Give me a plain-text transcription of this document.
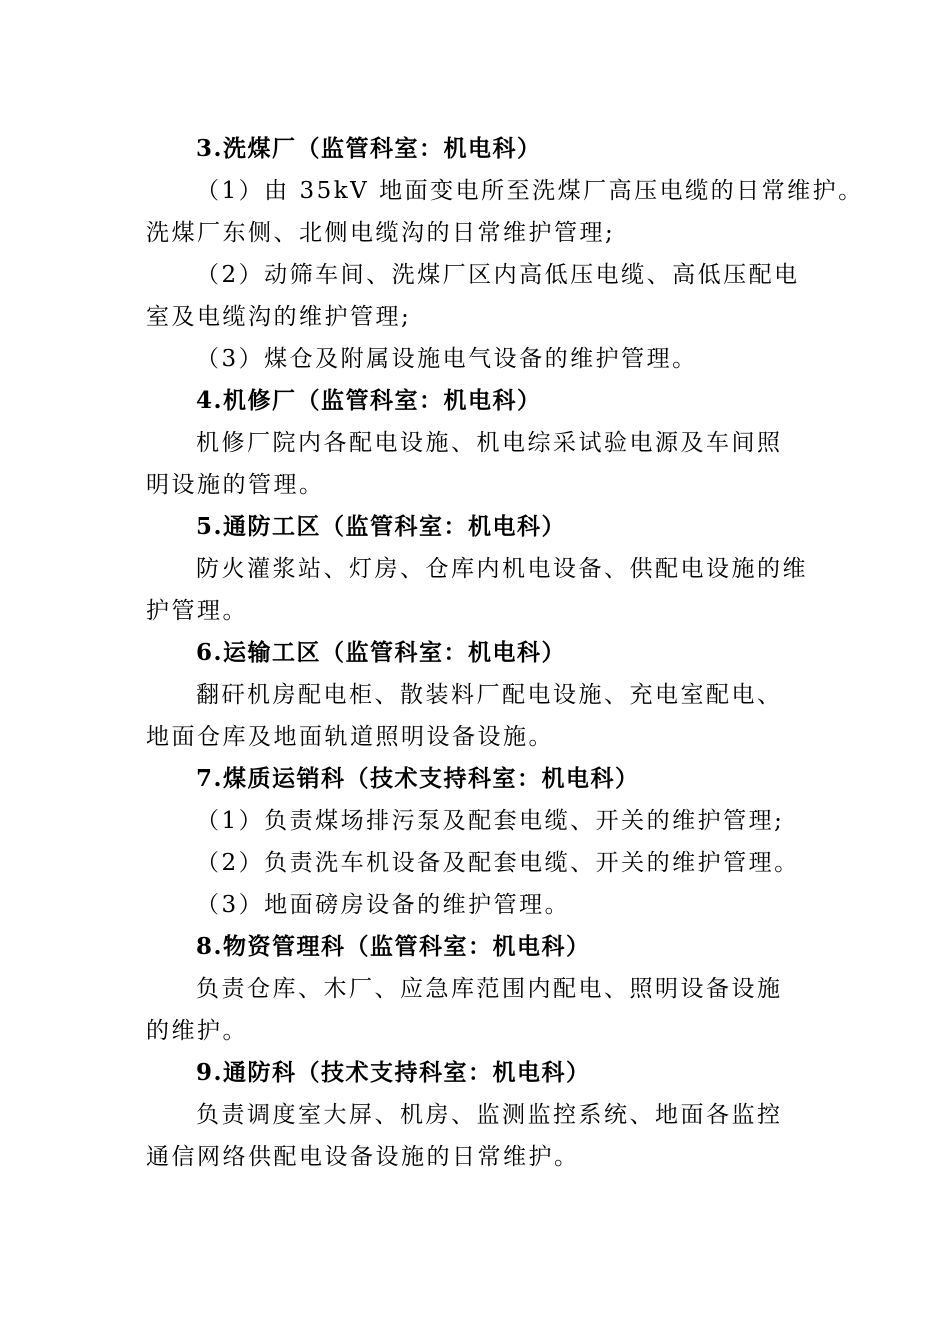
3.洗煤厂（监管科室：机电科）
（1）由 35kV 地面变电所至洗煤厂高压电缆的日常维护。
洗煤厂东侧、北侧电缆沟的日常维护管理;
（2）动筛车间、洗煤厂区内高低压电缆、高低压配电
室及电缆沟的维护管理;
（3）煤仓及附属设施电气设备的维护管理。
4.机修厂（监管科室：机电科）
机修厂院内各配电设施、机电综采试验电源及车间照
明设施的管理。
5.通防工区（监管科室：机电科）
防火灌浆站、灯房、仓库内机电设备、供配电设施的维
护管理。
6.运输工区（监管科室：机电科）
翻矸机房配电柜、散装料厂配电设施、充电室配电、
地面仓库及地面轨道照明设备设施。
7.煤质运销科（技术支持科室：机电科）
（1）负责煤场排污泵及配套电缆、开关的维护管理;
（2）负责洗车机设备及配套电缆、开关的维护管理。
（3）地面磅房设备的维护管理。
8.物资管理科（监管科室：机电科）
负责仓库、木厂、应急库范围内配电、照明设备设施
的维护。
9.通防科（技术支持科室：机电科）
负责调度室大屏、机房、监测监控系统、地面各监控
通信网络供配电设备设施的日常维护。
